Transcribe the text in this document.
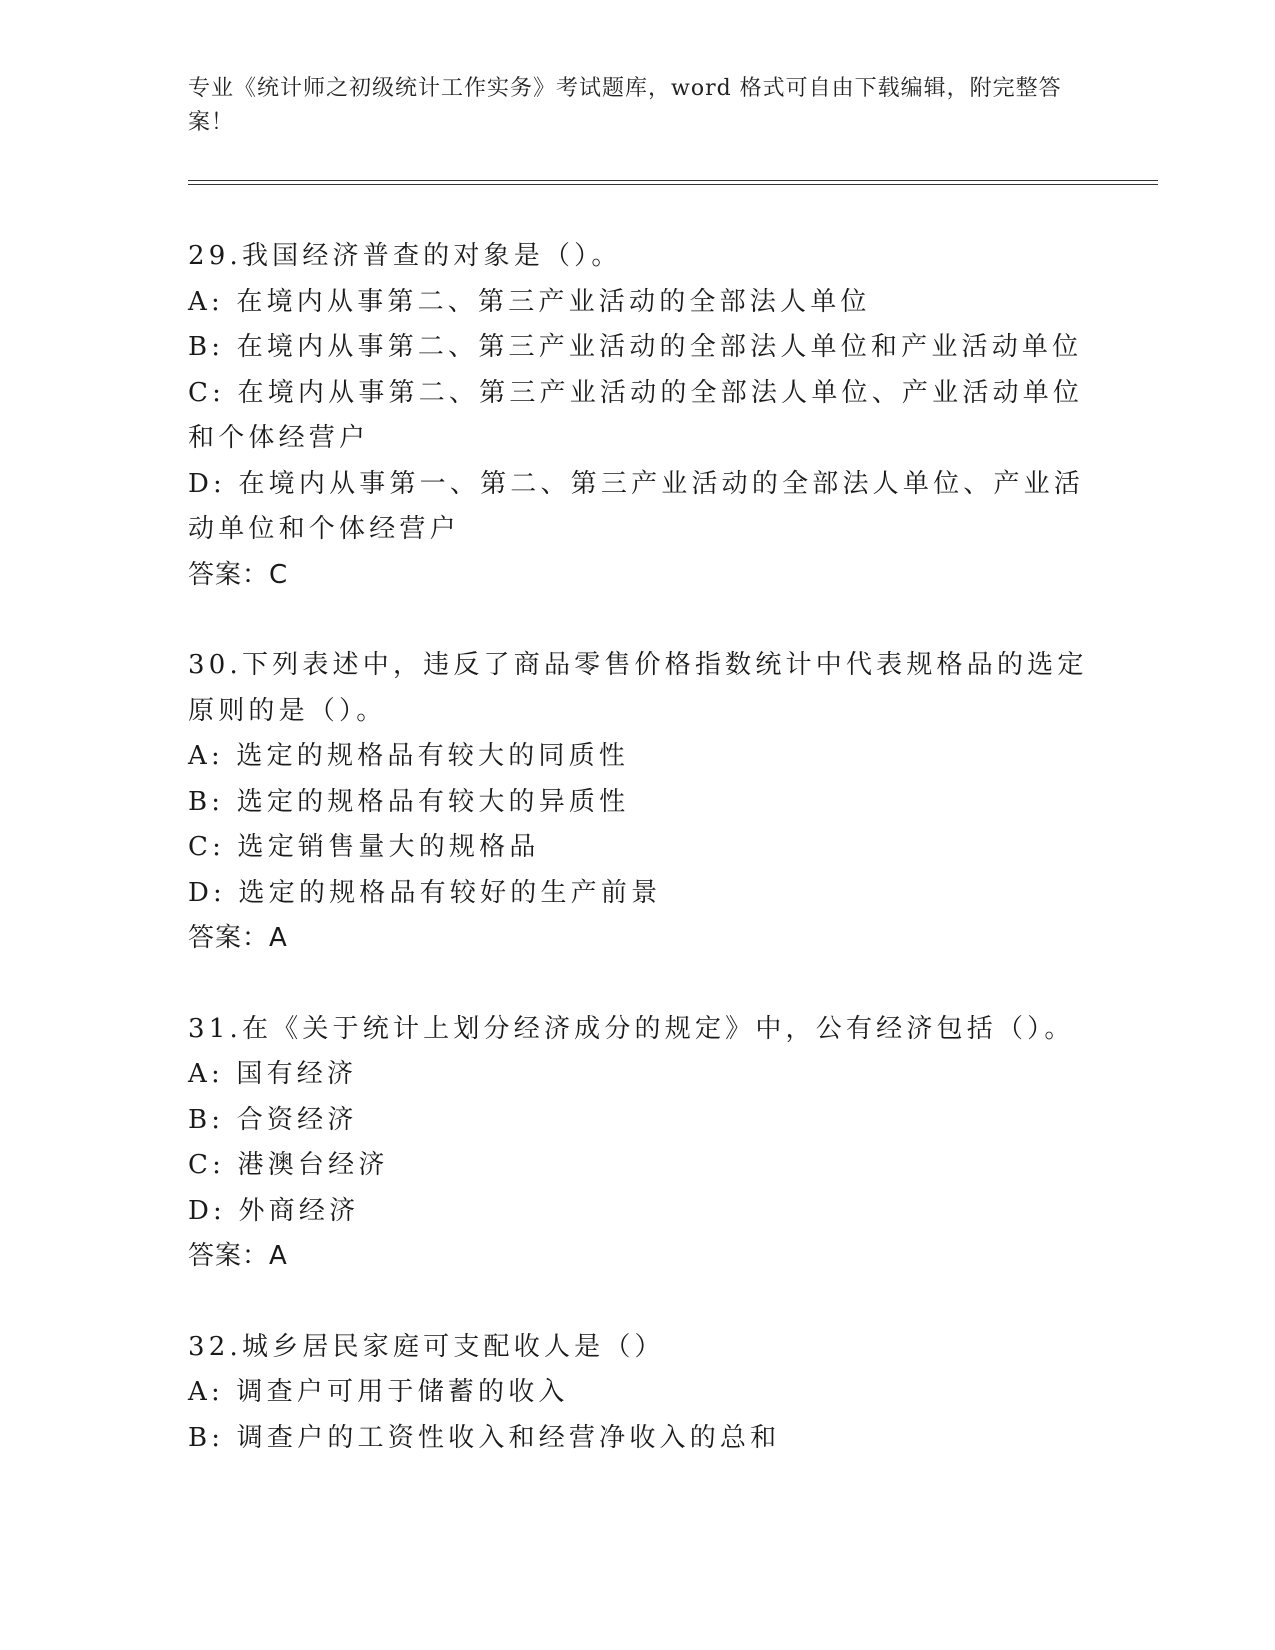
专业《统计师之初级统计工作实务》考试题库，word 格式可自由下载编辑，附完整答案！

29.我国经济普查的对象是（）。

A: 在境内从事第二、第三产业活动的全部法人单位

B: 在境内从事第二、第三产业活动的全部法人单位和产业活动单位

C: 在境内从事第二、第三产业活动的全部法人单位、产业活动单位和个体经营户

D: 在境内从事第一、第二、第三产业活动的全部法人单位、产业活动单位和个体经营户

答案：C

30.下列表述中，违反了商品零售价格指数统计中代表规格品的选定原则的是（）。

A: 选定的规格品有较大的同质性

B: 选定的规格品有较大的异质性

C: 选定销售量大的规格品

D: 选定的规格品有较好的生产前景

答案：A

31.在《关于统计上划分经济成分的规定》中，公有经济包括（）。

A: 国有经济

B: 合资经济

C: 港澳台经济

D: 外商经济

答案：A

32.城乡居民家庭可支配收人是（）

A: 调查户可用于储蓄的收入

B: 调查户的工资性收入和经营净收入的总和
